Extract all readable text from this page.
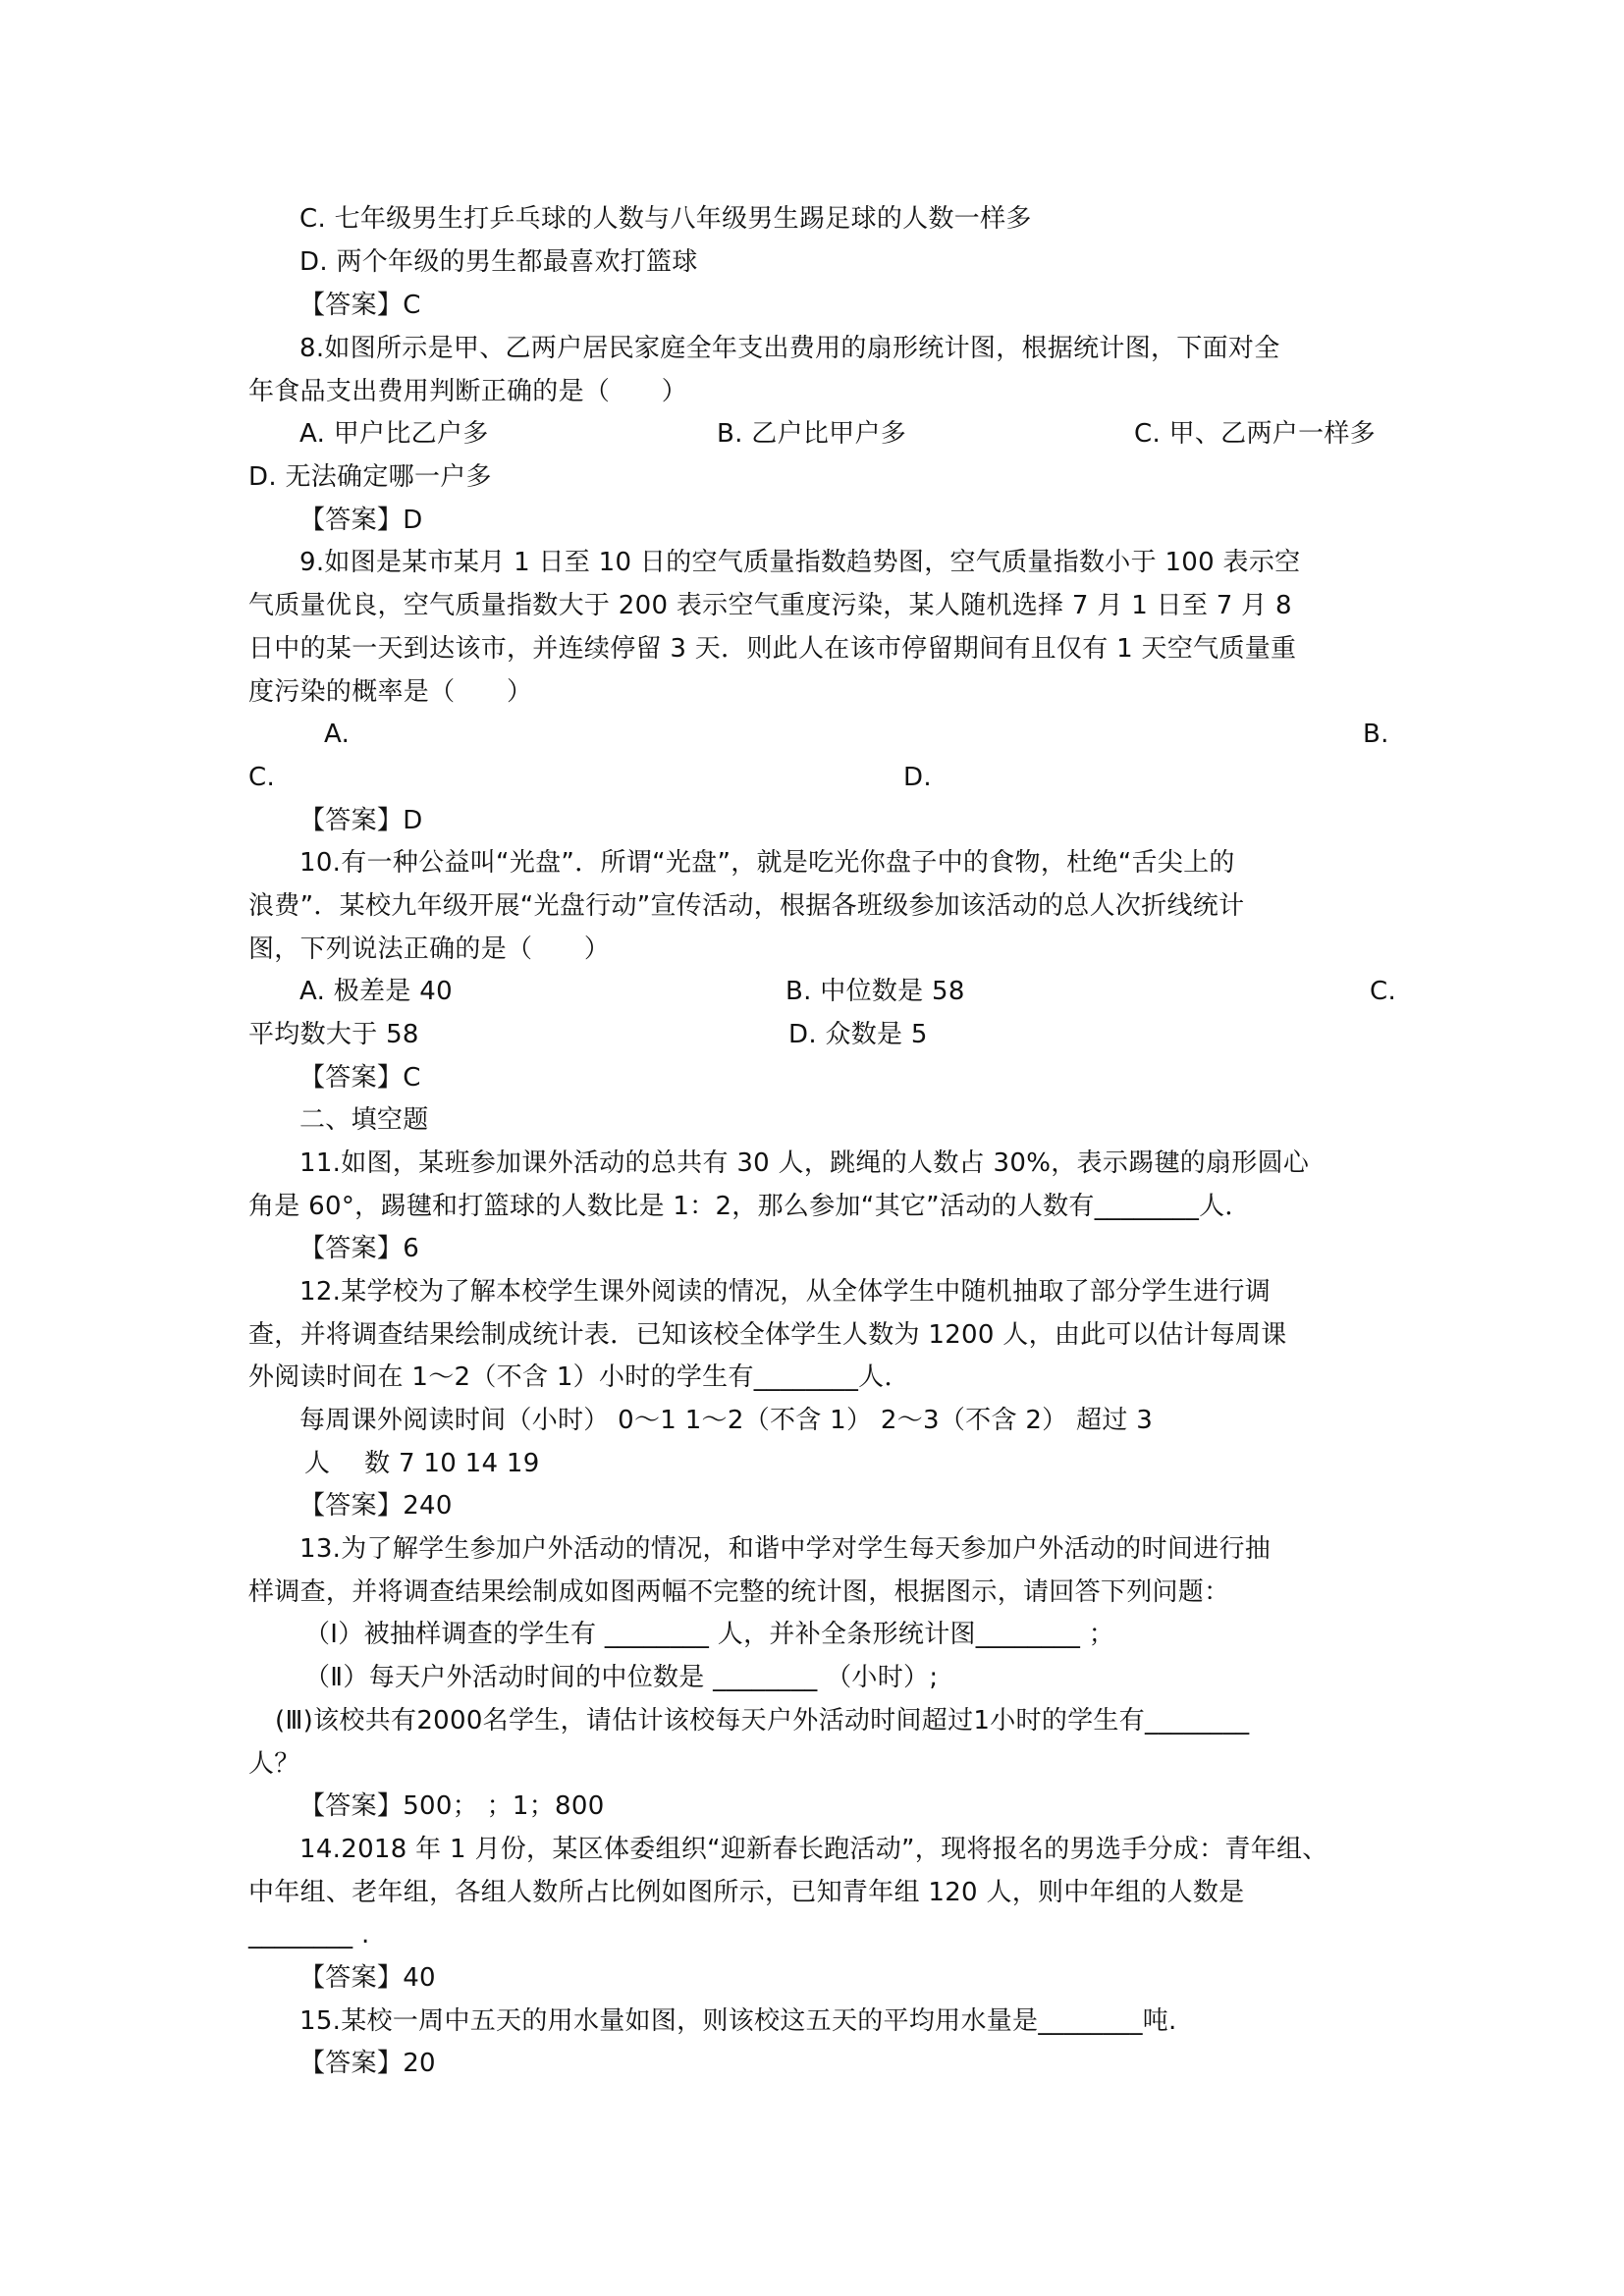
C. 七年级男生打乒乓球的人数与八年级男生踢足球的人数一样多
D. 两个年级的男生都最喜欢打篮球
【答案】C
8.如图所示是甲、乙两户居民家庭全年支出费用的扇形统计图，根据统计图，下面对全
年食品支出费用判断正确的是（　　）
A. 甲户比乙户多	B. 乙户比甲户多	C. 甲、乙两户一样多
D. 无法确定哪一户多
【答案】D
9.如图是某市某月 1 日至 10 日的空气质量指数趋势图，空气质量指数小于 100 表示空
气质量优良，空气质量指数大于 200 表示空气重度污染，某人随机选择 7 月 1 日至 7 月 8
日中的某一天到达该市，并连续停留 3 天．则此人在该市停留期间有且仅有 1 天空气质量重
度污染的概率是（　　）
A.	B.
C.	D.
【答案】D
10.有一种公益叫“光盘”．所谓“光盘”，就是吃光你盘子中的食物，杜绝“舌尖上的
浪费”．某校九年级开展“光盘行动”宣传活动，根据各班级参加该活动的总人次折线统计
图，下列说法正确的是（　　）
A. 极差是 40	B. 中位数是 58	C.
平均数大于 58	D. 众数是 5
【答案】C
二、填空题
11.如图，某班参加课外活动的总共有 30 人，跳绳的人数占 30%，表示踢毽的扇形圆心
角是 60°，踢毽和打篮球的人数比是 1：2，那么参加“其它”活动的人数有________人．
【答案】6
12.某学校为了解本校学生课外阅读的情况，从全体学生中随机抽取了部分学生进行调
查，并将调查结果绘制成统计表．已知该校全体学生人数为 1200 人，由此可以估计每周课
外阅读时间在 1～2（不含 1）小时的学生有________人．
每周课外阅读时间（小时） 0～1 1～2（不含 1） 2～3（不含 2） 超过 3
人　 数 7 10 14 19
【答案】240
13.为了解学生参加户外活动的情况，和谐中学对学生每天参加户外活动的时间进行抽
样调查，并将调查结果绘制成如图两幅不完整的统计图，根据图示，请回答下列问题：
（Ⅰ）被抽样调查的学生有 ________ 人，并补全条形统计图________ ；
（Ⅱ）每天户外活动时间的中位数是 ________ （小时）;
(Ⅲ)该校共有2000名学生，请估计该校每天户外活动时间超过1小时的学生有________
人？
【答案】500； ；1；800
14.2018 年 1 月份，某区体委组织“迎新春长跑活动”，现将报名的男选手分成：青年组、
中年组、老年组，各组人数所占比例如图所示，已知青年组 120 人，则中年组的人数是
________ .
【答案】40
15.某校一周中五天的用水量如图，则该校这五天的平均用水量是________吨.
【答案】20
